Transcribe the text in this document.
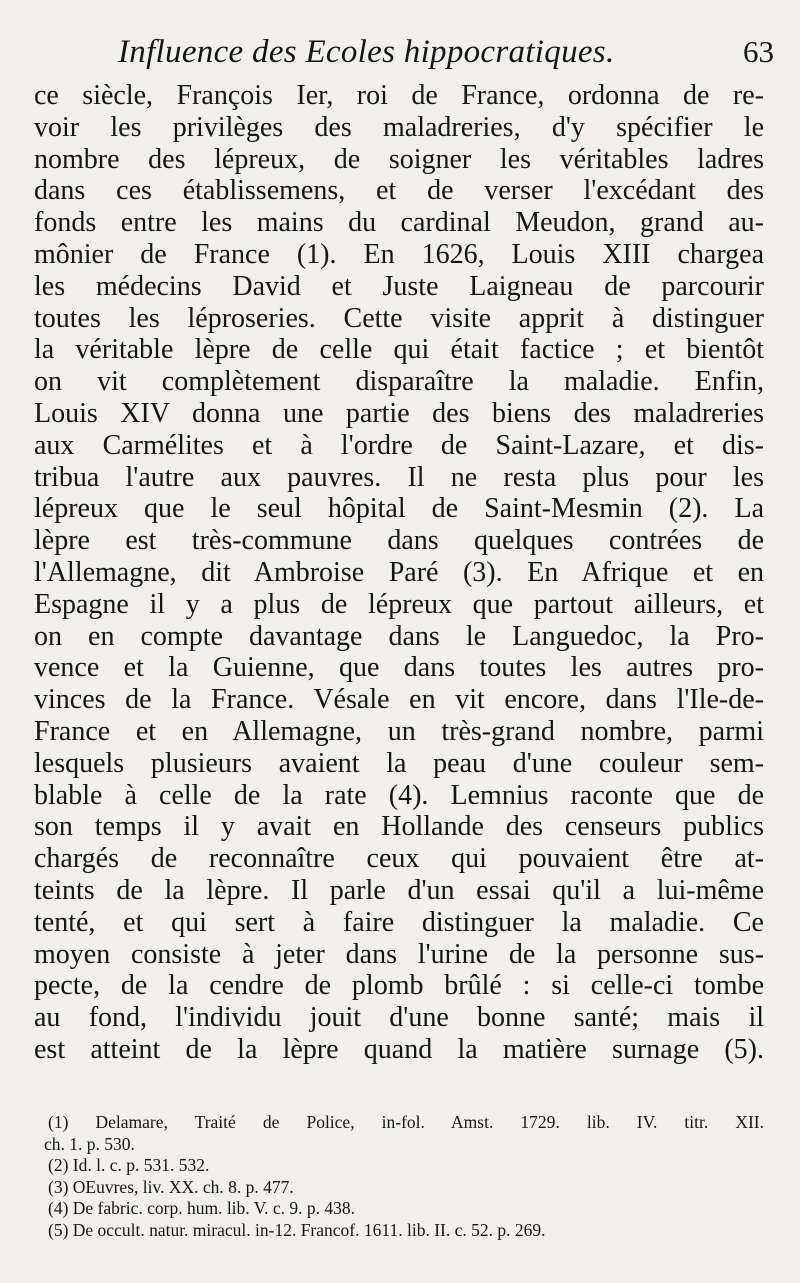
Influence des Ecoles hippocratiques.	63
ce siècle, François Ier, roi de France, ordonna de re-
voir les privilèges des maladreries, d'y spécifier le
nombre des lépreux, de soigner les véritables ladres
dans ces établissemens, et de verser l'excédant des
fonds entre les mains du cardinal Meudon, grand au-
mônier de France (1). En 1626, Louis XIII chargea
les médecins David et Juste Laigneau de parcourir
toutes les léproseries. Cette visite apprit à distinguer
la véritable lèpre de celle qui était factice ; et bientôt
on vit complètement disparaître la maladie. Enfin,
Louis XIV donna une partie des biens des maladreries
aux Carmélites et à l'ordre de Saint-Lazare, et dis-
tribua l'autre aux pauvres. Il ne resta plus pour les
lépreux que le seul hôpital de Saint-Mesmin (2). La
lèpre est très-commune dans quelques contrées de
l'Allemagne, dit Ambroise Paré (3). En Afrique et en
Espagne il y a plus de lépreux que partout ailleurs, et
on en compte davantage dans le Languedoc, la Pro-
vence et la Guienne, que dans toutes les autres pro-
vinces de la France. Vésale en vit encore, dans l'Ile-de-
France et en Allemagne, un très-grand nombre, parmi
lesquels plusieurs avaient la peau d'une couleur sem-
blable à celle de la rate (4). Lemnius raconte que de
son temps il y avait en Hollande des censeurs publics
chargés de reconnaître ceux qui pouvaient être at-
teints de la lèpre. Il parle d'un essai qu'il a lui-même
tenté, et qui sert à faire distinguer la maladie. Ce
moyen consiste à jeter dans l'urine de la personne sus-
pecte, de la cendre de plomb brûlé : si celle-ci tombe
au fond, l'individu jouit d'une bonne santé; mais il
est atteint de la lèpre quand la matière surnage (5).
(1) Delamare, Traité de Police, in-fol. Amst. 1729. lib. IV. titr. XII.
ch. 1. p. 530.
(2) Id. l. c. p. 531. 532.
(3) OEuvres, liv. XX. ch. 8. p. 477.
(4) De fabric. corp. hum. lib. V. c. 9. p. 438.
(5) De occult. natur. miracul. in-12. Francof. 1611. lib. II. c. 52. p. 269.
